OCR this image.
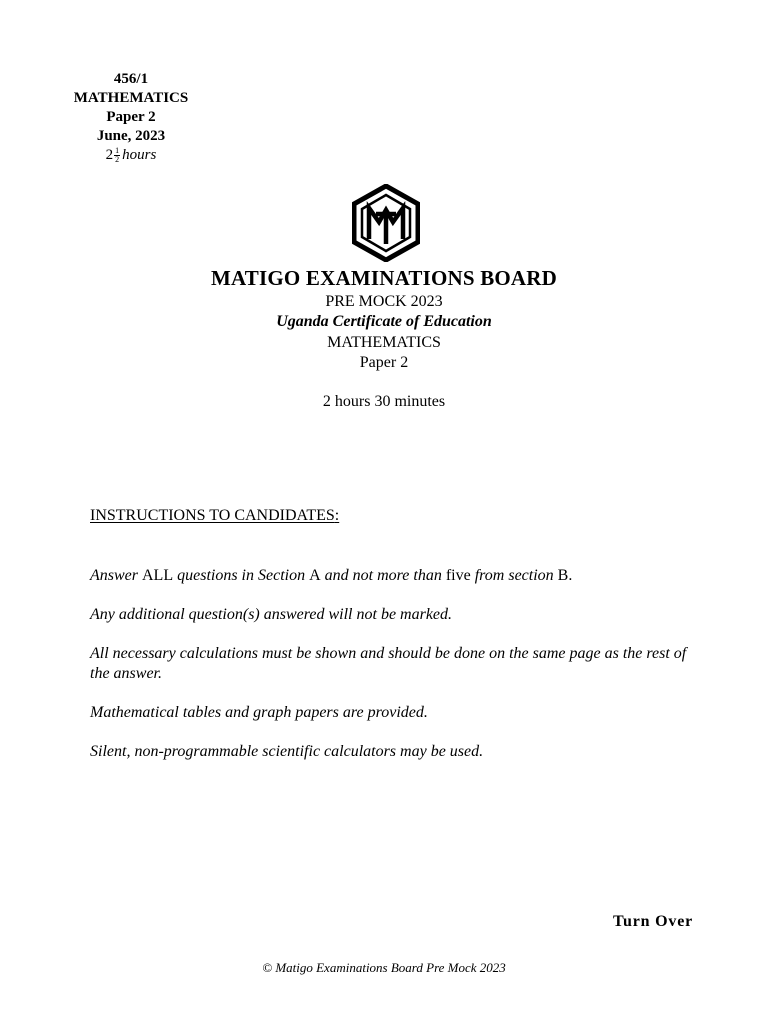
456/1
MATHEMATICS
Paper 2
June, 2023
$2 \frac{1}{2}$ hours
MATIGO EXAMINATIONS BOARD
PRE MOCK 2023
Uganda Certificate of Education
MATHEMATICS
Paper 2
2 hours 30 minutes
INSTRUCTIONS TO CANDIDATES:
Answer ALL questions in Section A and not more than five from section B.
Any additional question(s) answered will not be marked.
All necessary calculations must be shown and should be done on the same page as the rest of the answer.
Mathematical tables and graph papers are provided.
Silent, non-programmable scientific calculators may be used.
Turn Over
© Matigo Examinations Board Pre Mock 2023
